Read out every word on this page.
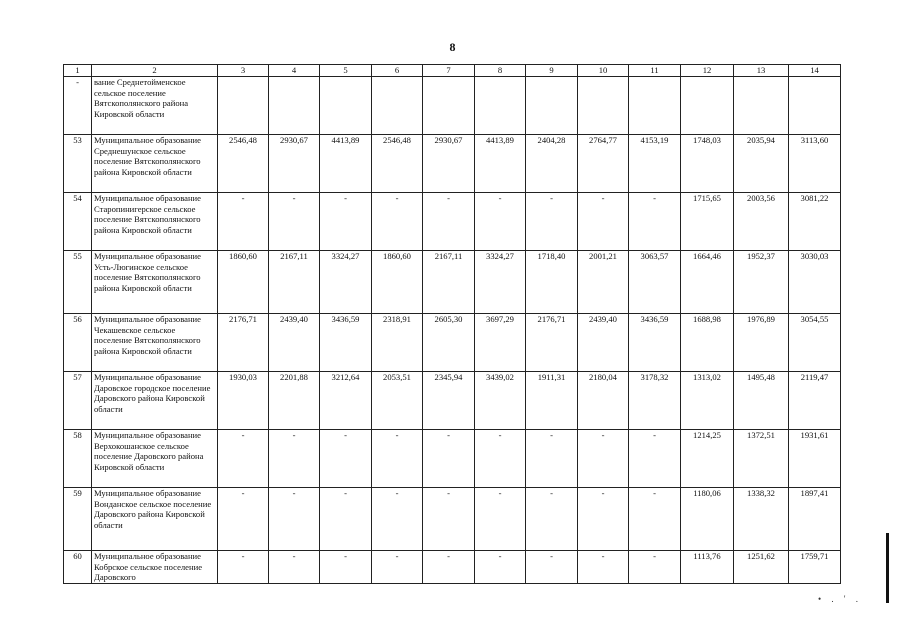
8
1	2	3	4	5	6	7	8	9	10	11	12	13	14
-	вание Среднетойменское сельское поселение Вятскополянского района Кировской области												
53	Муниципальное образование Среднешунское сельское поселение Вятскополянского района Кировской области	2546,48	2930,67	4413,89	2546,48	2930,67	4413,89	2404,28	2764,77	4153,19	1748,03	2035,94	3113,60
54	Муниципальное образование Старопинигерское сельское поселение Вятскополянского района Кировской области	-	-	-	-	-	-	-	-	-	1715,65	2003,56	3081,22
55	Муниципальное образование Усть-Люгинское сельское поселение Вятскополянского района Кировской области	1860,60	2167,11	3324,27	1860,60	2167,11	3324,27	1718,40	2001,21	3063,57	1664,46	1952,37	3030,03
56	Муниципальное образование Чекашевское сельское поселение Вятскополянского района Кировской области	2176,71	2439,40	3436,59	2318,91	2605,30	3697,29	2176,71	2439,40	3436,59	1688,98	1976,89	3054,55
57	Муниципальное образование Даровское городское поселение Даровского района Кировской области	1930,03	2201,88	3212,64	2053,51	2345,94	3439,02	1911,31	2180,04	3178,32	1313,02	1495,48	2119,47
58	Муниципальное образование Верхокошанское сельское поселение Даровского района Кировской области	-	-	-	-	-	-	-	-	-	1214,25	1372,51	1931,61
59	Муниципальное образование Вонданское сельское поселение Даровского района Кировской области	-	-	-	-	-	-	-	-	-	1180,06	1338,32	1897,41
60	Муниципальное образование Кобрское сельское поселение Даровского	-	-	-	-	-	-	-	-	-	1113,76	1251,62	1759,71
• . ' .
